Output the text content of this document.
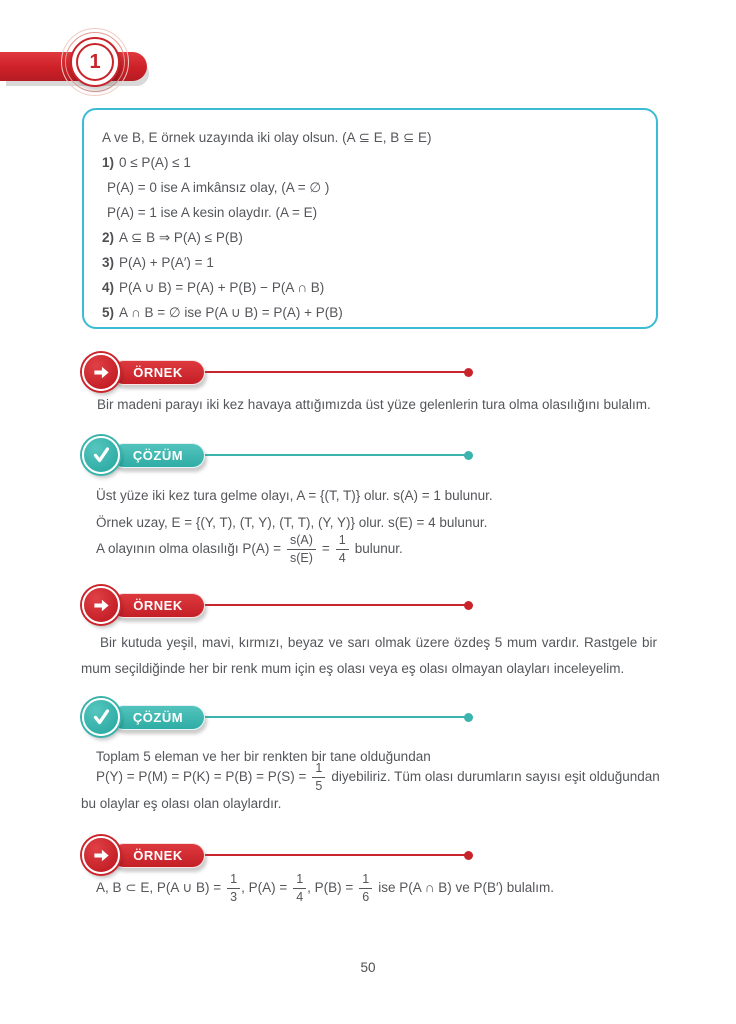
1
A ve B, E örnek uzayında iki olay olsun. (A ⊆ E, B ⊆ E)
1) 0 ≤ P(A) ≤ 1
P(A) = 0 ise A imkânsız olay, (A = ∅ )
P(A) = 1 ise A kesin olaydır. (A = E)
2) A ⊆ B ⇒ P(A) ≤ P(B)
3) P(A) + P(A′) = 1
4) P(A ∪ B) = P(A) + P(B) − P(A ∩ B)
5) A ∩ B = ∅ ise P(A ∪ B) = P(A) + P(B)
ÖRNEK
Bir madeni parayı iki kez havaya attığımızda üst yüze gelenlerin tura olma olasılığını bulalım.
ÇÖZÜM
Üst yüze iki kez tura gelme olayı, A = {(T, T)} olur. s(A) = 1 bulunur.
Örnek uzay, E = {(Y, T), (T, Y), (T, T), (Y, Y)} olur. s(E) = 4 bulunur.
A olayının olma olasılığı $P(A) = \frac{s(A)}{s(E)} = \frac{1}{4}$ bulunur.
ÖRNEK
Bir kutuda yeşil, mavi, kırmızı, beyaz ve sarı olmak üzere özdeş 5 mum vardır. Rastgele bir mum seçildiğinde her bir renk mum için eş olası veya eş olası olmayan olayları inceleyelim.
ÇÖZÜM
Toplam 5 eleman ve her bir renkten bir tane olduğundan
$P(Y) = P(M) = P(K) = P(B) = P(S) = \frac{1}{5}$ diyebiliriz. Tüm olası durumların sayısı eşit olduğundan
bu olaylar eş olası olan olaylardır.
ÖRNEK
A, B ⊂ E, P(A ∪ $B) = \frac{1}{3}$ , $P(A) = \frac{1}{4}$ , $P(B) = \frac{1}{6}$ ise P(A ∩ B) ve P(B′) bulalım.
50
